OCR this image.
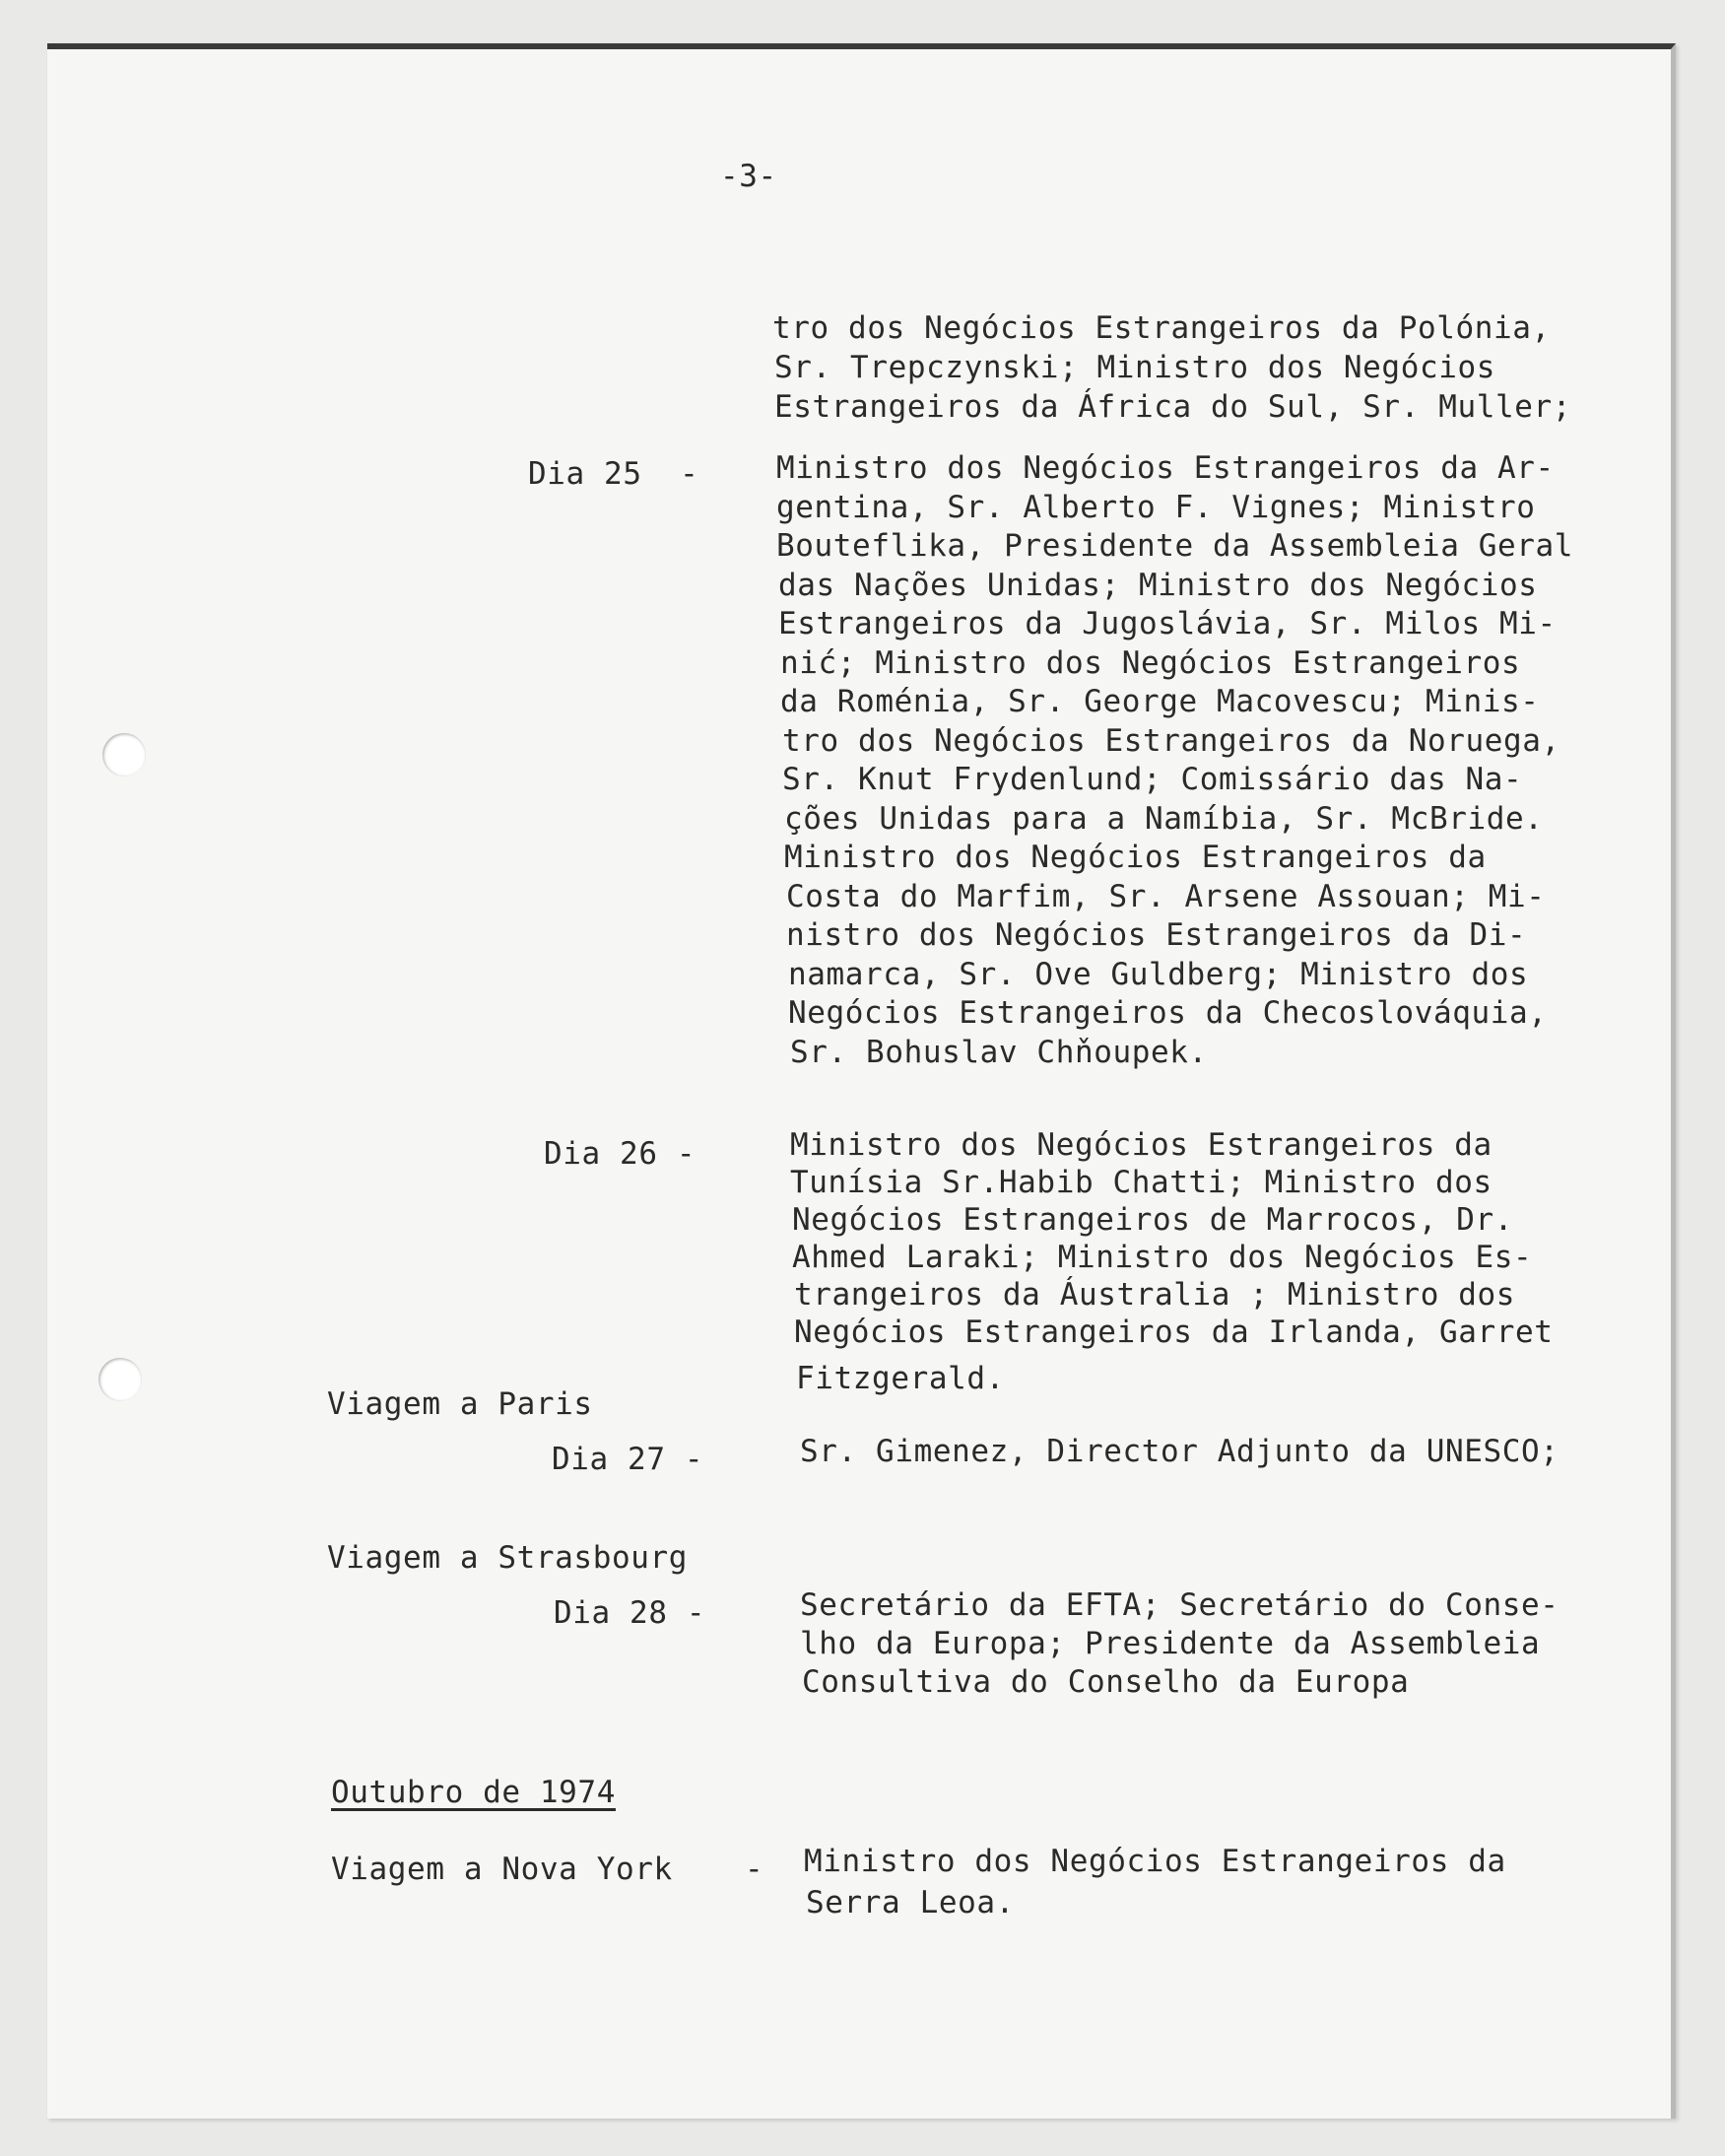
-3-
tro dos Negócios Estrangeiros da Polónia,
Sr. Trepczynski; Ministro dos Negócios
Estrangeiros da África do Sul, Sr. Muller;
Dia 25  -	Ministro dos Negócios Estrangeiros da Ar-
gentina, Sr. Alberto F. Vignes; Ministro
Bouteflika, Presidente da Assembleia Geral
das Nações Unidas; Ministro dos Negócios
Estrangeiros da Jugoslávia, Sr. Milos Mi-
nić; Ministro dos Negócios Estrangeiros
da Roménia, Sr. George Macovescu; Minis-
tro dos Negócios Estrangeiros da Noruega,
Sr. Knut Frydenlund; Comissário das Na-
ções Unidas para a Namíbia, Sr. McBride.
Ministro dos Negócios Estrangeiros da
Costa do Marfim, Sr. Arsene Assouan; Mi-
nistro dos Negócios Estrangeiros da Di-
namarca, Sr. Ove Guldberg; Ministro dos
Negócios Estrangeiros da Checoslováquia,
Sr. Bohuslav Chňoupek.
Dia 26 -	Ministro dos Negócios Estrangeiros da
Tunísia Sr.Habib Chatti; Ministro dos
Negócios Estrangeiros de Marrocos, Dr.
Ahmed Laraki; Ministro dos Negócios Es-
trangeiros da Áustralia ; Ministro dos
Negócios Estrangeiros da Irlanda, Garret
Fitzgerald.
Viagem a Paris
Dia 27 -	Sr. Gimenez, Director Adjunto da UNESCO;
Viagem a Strasbourg
Dia 28 -	Secretário da EFTA; Secretário do Conse-
lho da Europa; Presidente da Assembleia
Consultiva do Conselho da Europa
Outubro de 1974
Viagem a Nova York - Ministro dos Negócios Estrangeiros da
Serra Leoa.
